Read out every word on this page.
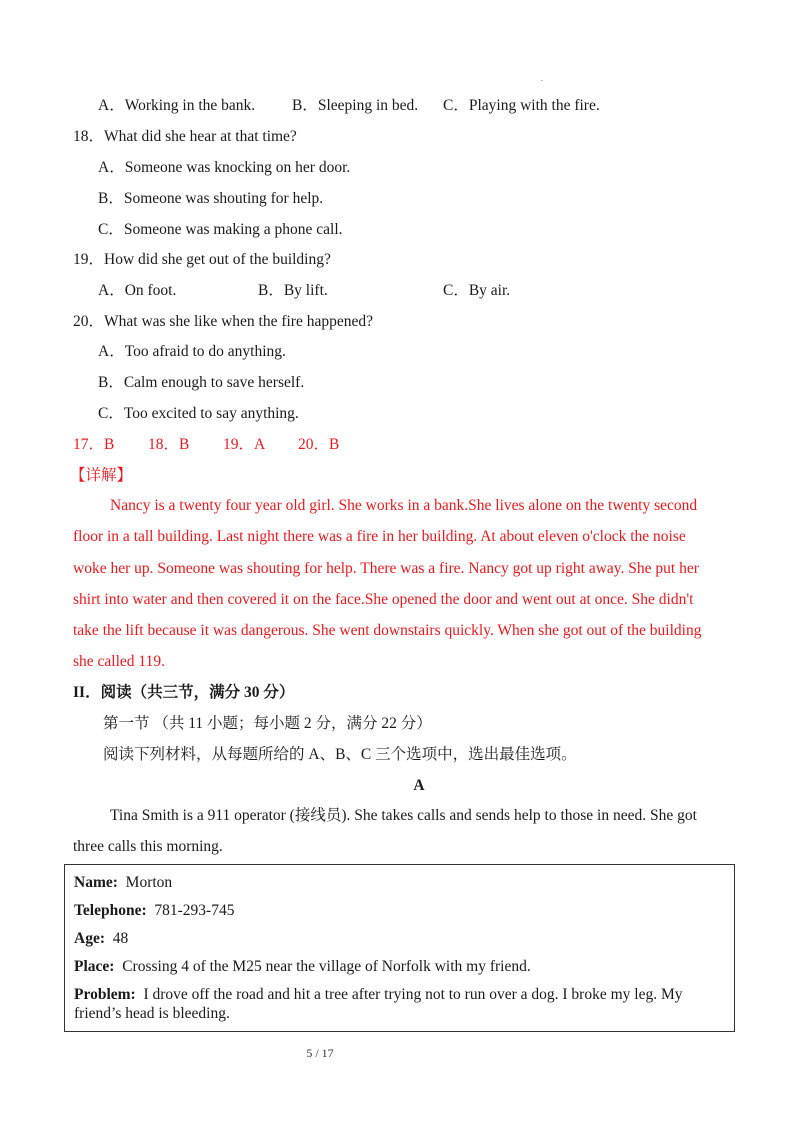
A．Working in the bank. B．Sleeping in bed. C．Playing with the fire.
18．What did she hear at that time?
A．Someone was knocking on her door.
B．Someone was shouting for help.
C．Someone was making a phone call.
19．How did she get out of the building?
A．On foot.	B．By lift.	C．By air.
20．What was she like when the fire happened?
A．Too afraid to do anything.
B．Calm enough to save herself.
C．Too excited to say anything.
17．B 18．B 19．A 20．B
【详解】
Nancy is a twenty four year old girl. She works in a bank.She lives alone on the twenty second
floor in a tall building. Last night there was a fire in her building. At about eleven o'clock the noise
woke her up. Someone was shouting for help. There was a fire. Nancy got up right away. She put her
shirt into water and then covered it on the face.She opened the door and went out at once. She didn't
take the lift because it was dangerous. She went downstairs quickly. When she got out of the building
she called 119.
II．阅读（共三节，满分 30 分）
第一节 （共 11 小题；每小题 2 分，满分 22 分）
阅读下列材料，从每题所给的 A、B、C 三个选项中，选出最佳选项。
A
Tina Smith is a 911 operator (接线员). She takes calls and sends help to those in need. She got
three calls this morning.
Name: Morton
Telephone: 781-293-745
Age: 48
Place: Crossing 4 of the M25 near the village of Norfolk with my friend.
Problem: I drove off the road and hit a tree after trying not to run over a dog. I broke my leg. My friend’s head is bleeding.
5 / 17
